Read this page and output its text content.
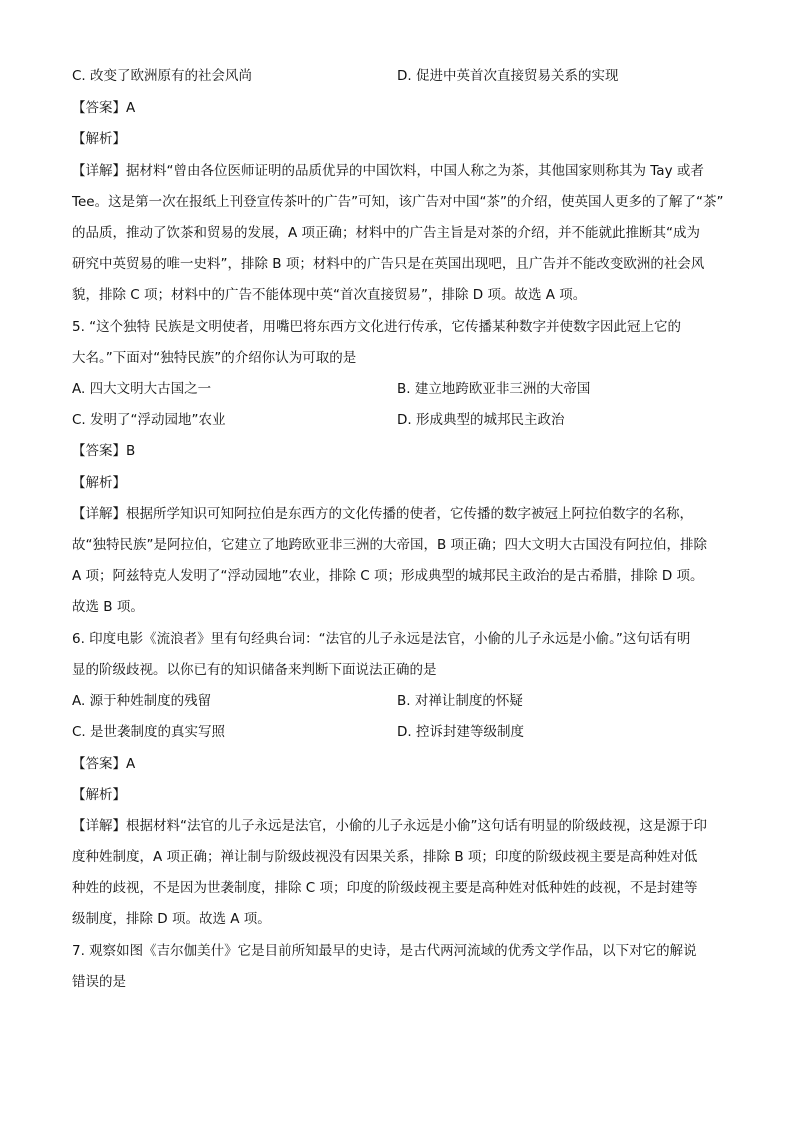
C. 改变了欧洲原有的社会风尚	D. 促进中英首次直接贸易关系的实现
【答案】A
【解析】
【详解】据材料“曾由各位医师证明的品质优异的中国饮料，中国人称之为茶，其他国家则称其为 Tay 或者
Tee。这是第一次在报纸上刊登宣传茶叶的广告”可知，该广告对中国“茶”的介绍，使英国人更多的了解了“茶”
的品质，推动了饮茶和贸易的发展，A 项正确；材料中的广告主旨是对茶的介绍，并不能就此推断其“成为
研究中英贸易的唯一史料”，排除 B 项；材料中的广告只是在英国出现吧，且广告并不能改变欧洲的社会风
貌，排除 C 项；材料中的广告不能体现中英“首次直接贸易”，排除 D 项。故选 A 项。
5. “这个独特 民族是文明使者，用嘴巴将东西方文化进行传承，它传播某种数字并使数字因此冠上它的
大名。”下面对“独特民族”的介绍你认为可取的是
A. 四大文明大古国之一	B. 建立地跨欧亚非三洲的大帝国
C. 发明了“浮动园地”农业	D. 形成典型的城邦民主政治
【答案】B
【解析】
【详解】根据所学知识可知阿拉伯是东西方的文化传播的使者，它传播的数字被冠上阿拉伯数字的名称，
故“独特民族”是阿拉伯，它建立了地跨欧亚非三洲的大帝国，B 项正确；四大文明大古国没有阿拉伯，排除
A 项；阿兹特克人发明了“浮动园地”农业，排除 C 项；形成典型的城邦民主政治的是古希腊，排除 D 项。
故选 B 项。
6. 印度电影《流浪者》里有句经典台词：“法官的儿子永远是法官，小偷的儿子永远是小偷。”这句话有明
显的阶级歧视。以你已有的知识储备来判断下面说法正确的是
A. 源于种姓制度的残留	B. 对禅让制度的怀疑
C. 是世袭制度的真实写照	D. 控诉封建等级制度
【答案】A
【解析】
【详解】根据材料“法官的儿子永远是法官，小偷的儿子永远是小偷”这句话有明显的阶级歧视，这是源于印
度种姓制度，A 项正确；禅让制与阶级歧视没有因果关系，排除 B 项；印度的阶级歧视主要是高种姓对低
种姓的歧视，不是因为世袭制度，排除 C 项；印度的阶级歧视主要是高种姓对低种姓的歧视，不是封建等
级制度，排除 D 项。故选 A 项。
7. 观察如图《吉尔伽美什》它是目前所知最早的史诗，是古代两河流域的优秀文学作品，以下对它的解说
错误的是
